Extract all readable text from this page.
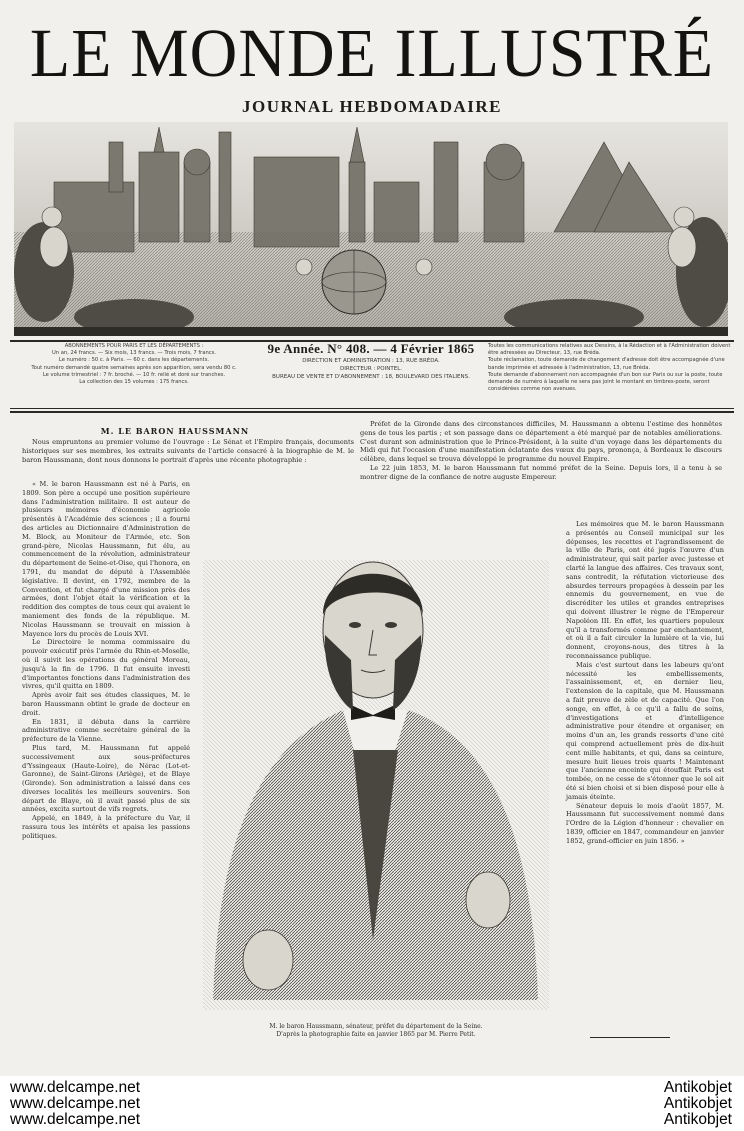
LE MONDE ILLUSTRÉ
JOURNAL HEBDOMADAIRE
ABONNEMENTS POUR PARIS ET LES DÉPARTEMENTS :
Un an, 24 francs. — Six mois, 13 francs. — Trois mois, 7 francs.
Le numéro : 50 c. à Paris. — 60 c. dans les départements.
Tout numéro demandé quatre semaines après son apparition, sera vendu 80 c.
Le volume trimestriel : 7 fr. broché. — 10 fr. relié et doré sur tranches.
La collection des 15 volumes : 175 francs.
9e Année. N° 408. — 4 Février 1865
DIRECTION ET ADMINISTRATION : 13, RUE BRÉDA.
DIRECTEUR : POINTEL.
BUREAU DE VENTE ET D'ABONNEMENT : 18, BOULEVARD DES ITALIENS.
Toutes les communications relatives aux Dessins, à la Rédaction et à l'Administration doivent être adressées au Directeur, 13, rue Bréda.
Toute réclamation, toute demande de changement d'adresse doit être accompagnée d'une bande imprimée et adressée à l'administration, 13, rue Bréda.
Toute demande d'abonnement non accompagnée d'un bon sur Paris ou sur la poste, toute demande de numéro à laquelle ne sera pas joint le montant en timbres-poste, seront considérées comme non avenues.
M. LE BARON HAUSSMANN

Nous empruntons au premier volume de l'ouvrage : Le Sénat et l'Empire français, documents historiques sur ses membres, les extraits suivants de l'article consacré à la biographie de M. le baron Haussmann, dont nous donnons le portrait d'après une récente photographie :

« M. le baron Haussmann est né à Paris, en 1809. Son père a occupé une position supérieure dans l'administration militaire. Il est auteur de plusieurs mémoires d'économie agricole présentés à l'Académie des sciences ; il a fourni des articles au Dictionnaire d'Administration de M. Block, au Moniteur de l'Armée, etc. Son grand-père, Nicolas Haussmann, fut élu, au commencement de la révolution, administrateur du département de Seine-et-Oise, qui l'honora, en 1791, du mandat de député à l'Assemblée législative. Il devint, en 1792, membre de la Convention, et fut chargé d'une mission près des armées, dont l'objet était la vérification et la reddition des comptes de tous ceux qui avaient le maniement des fonds de la république. M. Nicolas Haussmann se trouvait en mission à Mayence lors du procès de Louis XVI.

Le Directoire le nomma commissaire du pouvoir exécutif près l'armée du Rhin-et-Moselle, où il suivit les opérations du général Moreau, jusqu'à la fin de 1796. Il fut ensuite investi d'importantes fonctions dans l'administration des vivres, qu'il quitta en 1809.

Après avoir fait ses études classiques, M. le baron Haussmann obtint le grade de docteur en droit.

En 1831, il débuta dans la carrière administrative comme secrétaire général de la préfecture de la Vienne.

Plus tard, M. Haussmann fut appelé successivement aux sous-préfectures d'Yssingeaux (Haute-Loire), de Nérac (Lot-et-Garonne), de Saint-Girons (Ariège), et de Blaye (Gironde). Son administration a laissé dans ces diverses localités les meilleurs souvenirs. Son départ de Blaye, où il avait passé plus de six années, excita surtout de vifs regrets.

Appelé, en 1849, à la préfecture du Var, il rassura tous les intérêts et apaisa les passions politiques.

Préfet de la Gironde dans des circonstances difficiles, M. Haussmann a obtenu l'estime des honnêtes gens de tous les partis ; et son passage dans ce département a été marqué par de notables améliorations. C'est durant son administration que le Prince-Président, à la suite d'un voyage dans les départements du Midi qui fut l'occasion d'une manifestation éclatante des vœux du pays, prononça, à Bordeaux le discours célèbre, dans lequel se trouva développé le programme du nouvel Empire.

Le 22 juin 1853, M. le baron Haussmann fut nommé préfet de la Seine. Depuis lors, il a tenu à se montrer digne de la confiance de notre auguste Empereur.

Les mémoires que M. le baron Haussmann a présentés au Conseil municipal sur les dépenses, les recettes et l'agrandissement de la ville de Paris, ont été jugés l'œuvre d'un administrateur, qui sait parler avec justesse et clarté la langue des affaires. Ces travaux sont, sans contredit, la réfutation victorieuse des absurdes terreurs propagées à dessein par les ennemis du gouvernement, en vue de discréditer les utiles et grandes entreprises qui doivent illustrer le règne de l'Empereur Napoléon III. En effet, les quartiers populeux qu'il a transformés comme par enchantement, et où il a fait circuler la lumière et la vie, lui donnent, croyons-nous, des titres à la reconnaissance publique.

Mais c'est surtout dans les labeurs qu'ont nécessité les embellissements, l'assainissement, et, en dernier lieu, l'extension de la capitale, que M. Haussmann a fait preuve de zèle et de capacité. Que l'on songe, en effet, à ce qu'il a fallu de soins, d'investigations et d'intelligence administrative pour étendre et organiser, en moins d'un an, les grands ressorts d'une cité qui comprend actuellement près de dix-huit cent mille habitants, et qui, dans sa ceinture, mesure huit lieues trois quarts ! Maintenant que l'ancienne enceinte qui étouffait Paris est tombée, on ne cesse de s'étonner que le sol ait été si bien choisi et si bien disposé pour elle à jamais éteinte.

Sénateur depuis le mois d'août 1857, M. Haussmann fut successivement nommé dans l'Ordre de la Légion d'honneur : chevalier en 1839, officier en 1847, commandeur en janvier 1852, grand-officier en juin 1856. »

M. le baron Haussmann, sénateur, préfet du département de la Seine.
D'après la photographie faite en janvier 1865 par M. Pierre Petit.
www.delcampe.net
www.delcampe.net
www.delcampe.net
Antikobjet
Antikobjet
Antikobjet
